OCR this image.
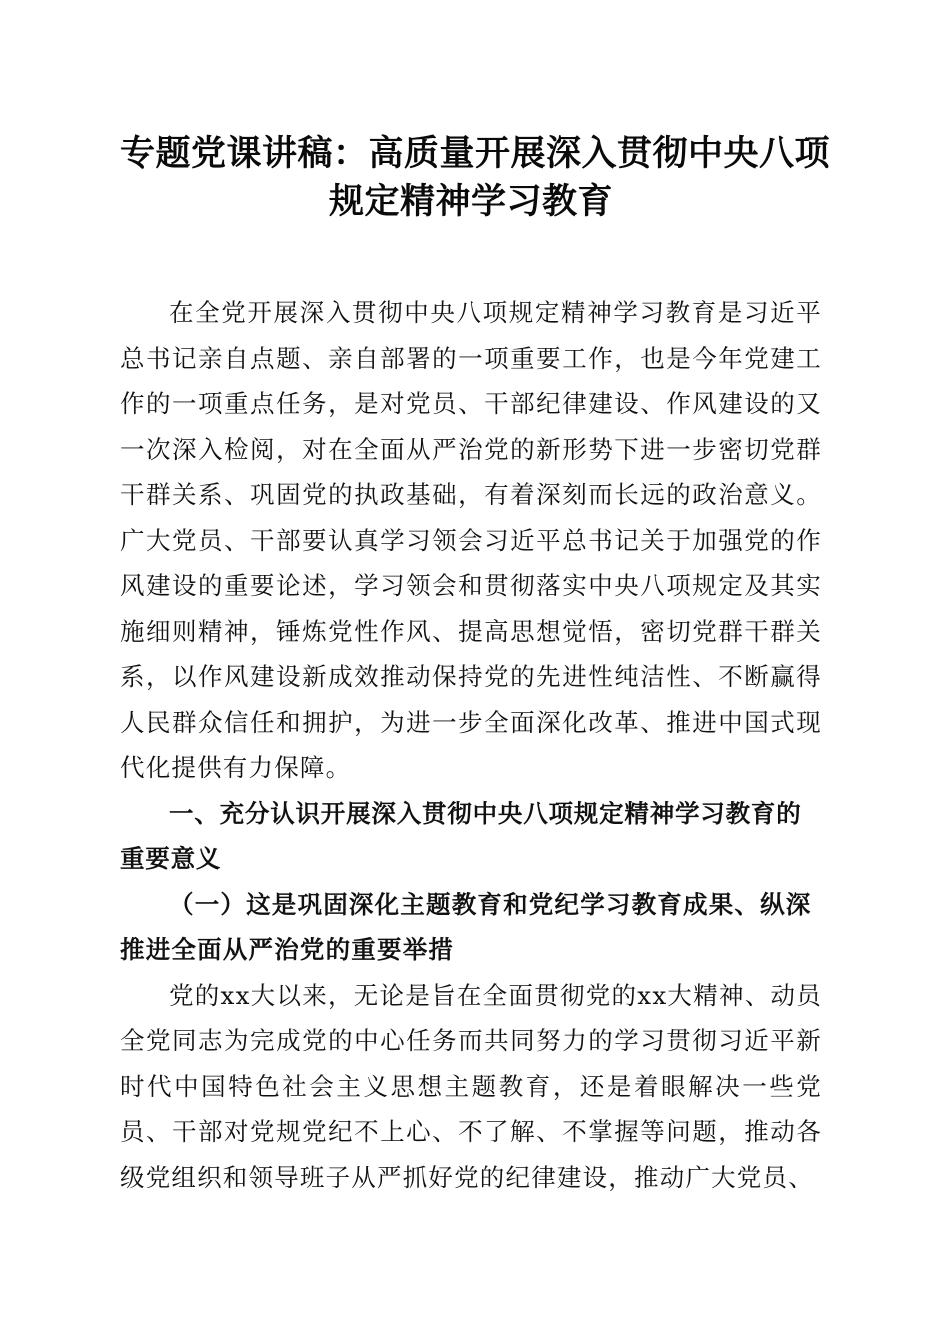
专题党课讲稿：高质量开展深入贯彻中央八项
规定精神学习教育

在全党开展深入贯彻中央八项规定精神学习教育是习近平总书记亲自点题、亲自部署的一项重要工作，也是今年党建工作的一项重点任务，是对党员、干部纪律建设、作风建设的又一次深入检阅，对在全面从严治党的新形势下进一步密切党群干群关系、巩固党的执政基础，有着深刻而长远的政治意义。广大党员、干部要认真学习领会习近平总书记关于加强党的作风建设的重要论述，学习领会和贯彻落实中央八项规定及其实施细则精神，锤炼党性作风、提高思想觉悟，密切党群干群关系，以作风建设新成效推动保持党的先进性纯洁性、不断赢得人民群众信任和拥护，为进一步全面深化改革、推进中国式现代化提供有力保障。

一、充分认识开展深入贯彻中央八项规定精神学习教育的重要意义

（一）这是巩固深化主题教育和党纪学习教育成果、纵深推进全面从严治党的重要举措

党的xx大以来，无论是旨在全面贯彻党的xx大精神、动员全党同志为完成党的中心任务而共同努力的学习贯彻习近平新时代中国特色社会主义思想主题教育，还是着眼解决一些党员、干部对党规党纪不上心、不了解、不掌握等问题，推动各级党组织和领导班子从严抓好党的纪律建设，推动广大党员、
